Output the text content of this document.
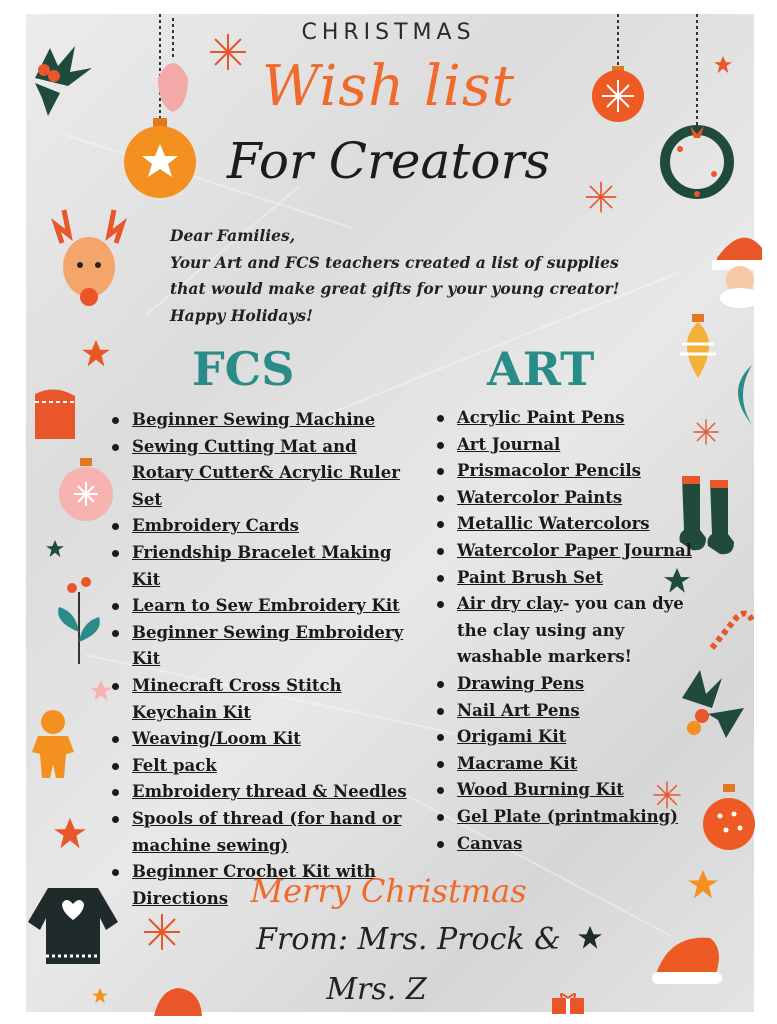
CHRISTMAS
Wish list
For Creators
Dear Families,
Your Art and FCS teachers created a list of supplies
that would make great gifts for your young creator!
Happy Holidays!
FCS	ART
Beginner Sewing Machine
Sewing Cutting Mat and Rotary Cutter& Acrylic Ruler Set
Embroidery Cards
Friendship Bracelet Making Kit
Learn to Sew Embroidery Kit
Beginner Sewing Embroidery Kit
Minecraft Cross Stitch Keychain Kit
Weaving/Loom Kit
Felt pack
Embroidery thread & Needles
Spools of thread (for hand or machine sewing)
Beginner Crochet Kit with Directions
Acrylic Paint Pens
Art Journal
Prismacolor Pencils
Watercolor Paints
Metallic Watercolors
Watercolor Paper Journal
Paint Brush Set
Air dry clay- you can dye the clay using any washable markers!
Drawing Pens
Nail Art Pens
Origami Kit
Macrame Kit
Wood Burning Kit
Gel Plate (printmaking)
Canvas
Merry Christmas
From: Mrs. Prock &
Mrs. Z
